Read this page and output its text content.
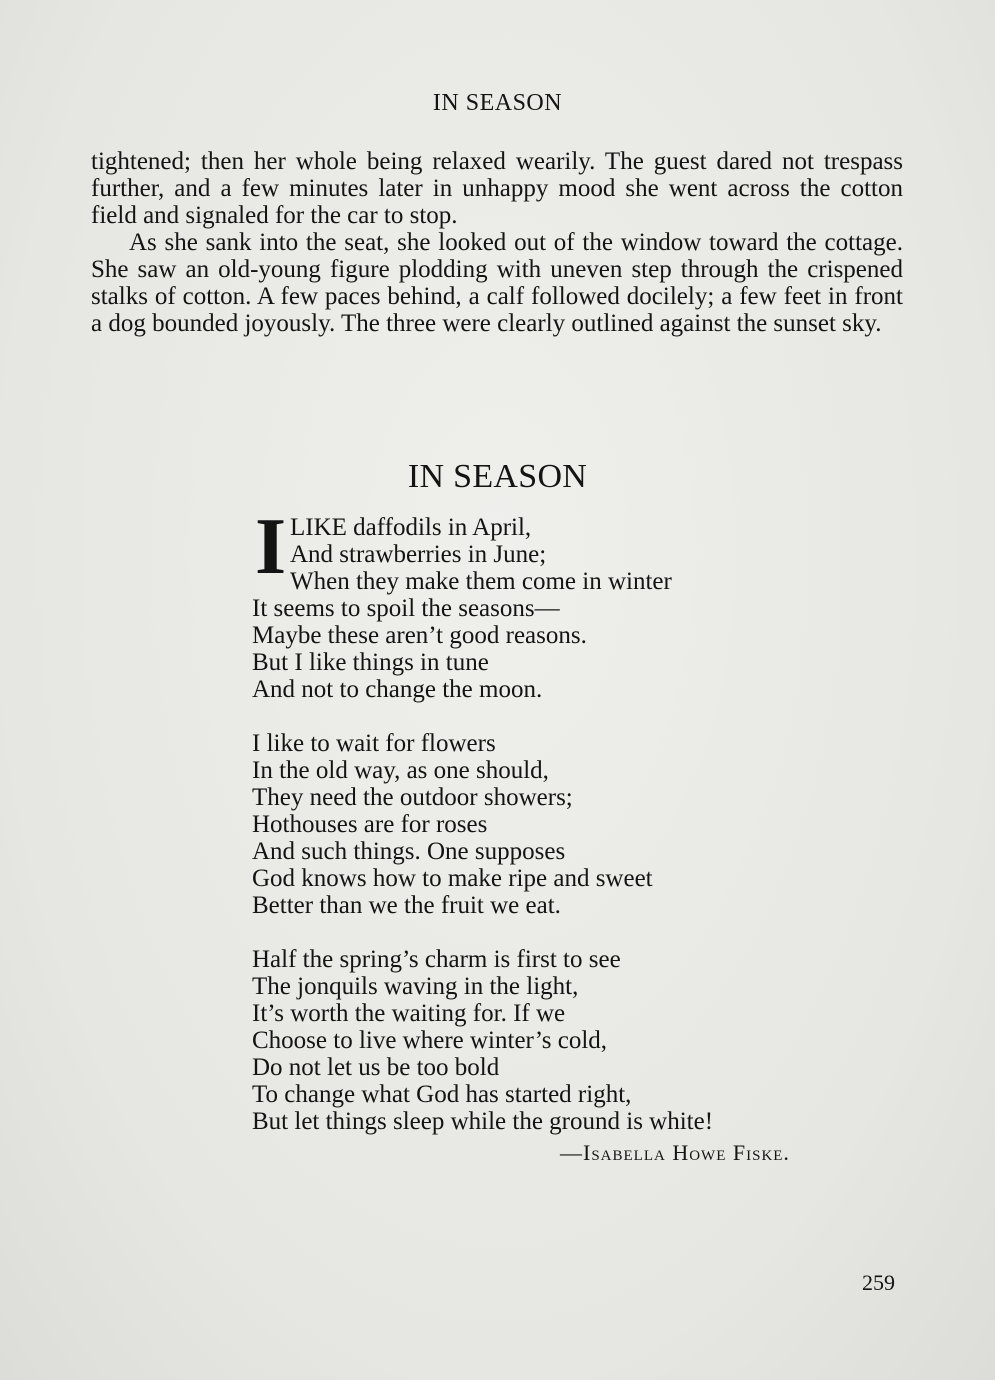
IN SEASON

tightened; then her whole being relaxed wearily. The guest dared not trespass further, and a few minutes later in unhappy mood she went across the cotton field and signaled for the car to stop.

As she sank into the seat, she looked out of the window toward the cottage. She saw an old-young figure plodding with uneven step through the crispened stalks of cotton. A few paces behind, a calf followed docilely; a few feet in front a dog bounded joyously. The three were clearly outlined against the sunset sky.

IN SEASON
I LIKE daffodils in April,
And strawberries in June;
When they make them come in winter
It seems to spoil the seasons—
Maybe these aren’t good reasons.
But I like things in tune
And not to change the moon.
I like to wait for flowers
In the old way, as one should,
They need the outdoor showers;
Hothouses are for roses
And such things. One supposes
God knows how to make ripe and sweet
Better than we the fruit we eat.
Half the spring’s charm is first to see
The jonquils waving in the light,
It’s worth the waiting for. If we
Choose to live where winter’s cold,
Do not let us be too bold
To change what God has started right,
But let things sleep while the ground is white!
—Isabella Howe Fiske.
259
